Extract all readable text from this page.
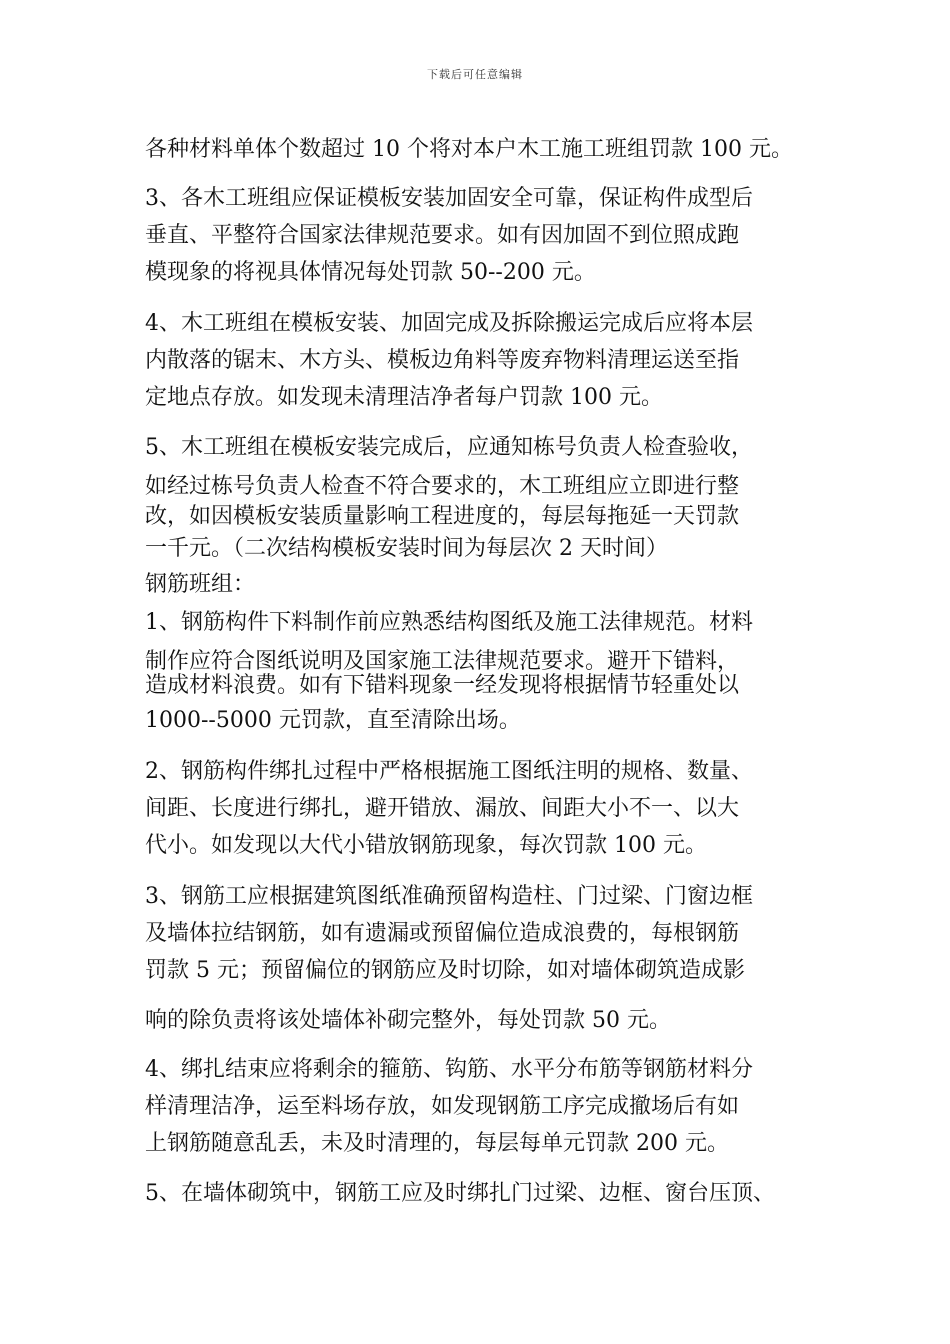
下载后可任意编辑
各种材料单体个数超过 10 个将对本户木工施工班组罚款 100 元。
3、各木工班组应保证模板安装加固安全可靠，保证构件成型后
垂直、平整符合国家法律规范要求。如有因加固不到位照成跑
模现象的将视具体情况每处罚款 50--200 元。
4、木工班组在模板安装、加固完成及拆除搬运完成后应将本层
内散落的锯末、木方头、模板边角料等废弃物料清理运送至指
定地点存放。如发现未清理洁净者每户罚款 100 元。
5、木工班组在模板安装完成后，应通知栋号负责人检查验收，
如经过栋号负责人检查不符合要求的，木工班组应立即进行整
改，如因模板安装质量影响工程进度的，每层每拖延一天罚款
一千元。（二次结构模板安装时间为每层次 2 天时间）
钢筋班组：
1、钢筋构件下料制作前应熟悉结构图纸及施工法律规范。材料
制作应符合图纸说明及国家施工法律规范要求。避开下错料，
造成材料浪费。如有下错料现象一经发现将根据情节轻重处以
1000--5000 元罚款，直至清除出场。
2、钢筋构件绑扎过程中严格根据施工图纸注明的规格、数量、
间距、长度进行绑扎，避开错放、漏放、间距大小不一、以大
代小。如发现以大代小错放钢筋现象，每次罚款 100 元。
3、钢筋工应根据建筑图纸准确预留构造柱、门过梁、门窗边框
及墙体拉结钢筋，如有遗漏或预留偏位造成浪费的，每根钢筋
罚款 5 元；预留偏位的钢筋应及时切除，如对墙体砌筑造成影
响的除负责将该处墙体补砌完整外，每处罚款 50 元。
4、绑扎结束应将剩余的箍筋、钩筋、水平分布筋等钢筋材料分
样清理洁净，运至料场存放，如发现钢筋工序完成撤场后有如
上钢筋随意乱丢，未及时清理的，每层每单元罚款 200 元。
5、在墙体砌筑中，钢筋工应及时绑扎门过梁、边框、窗台压顶、
